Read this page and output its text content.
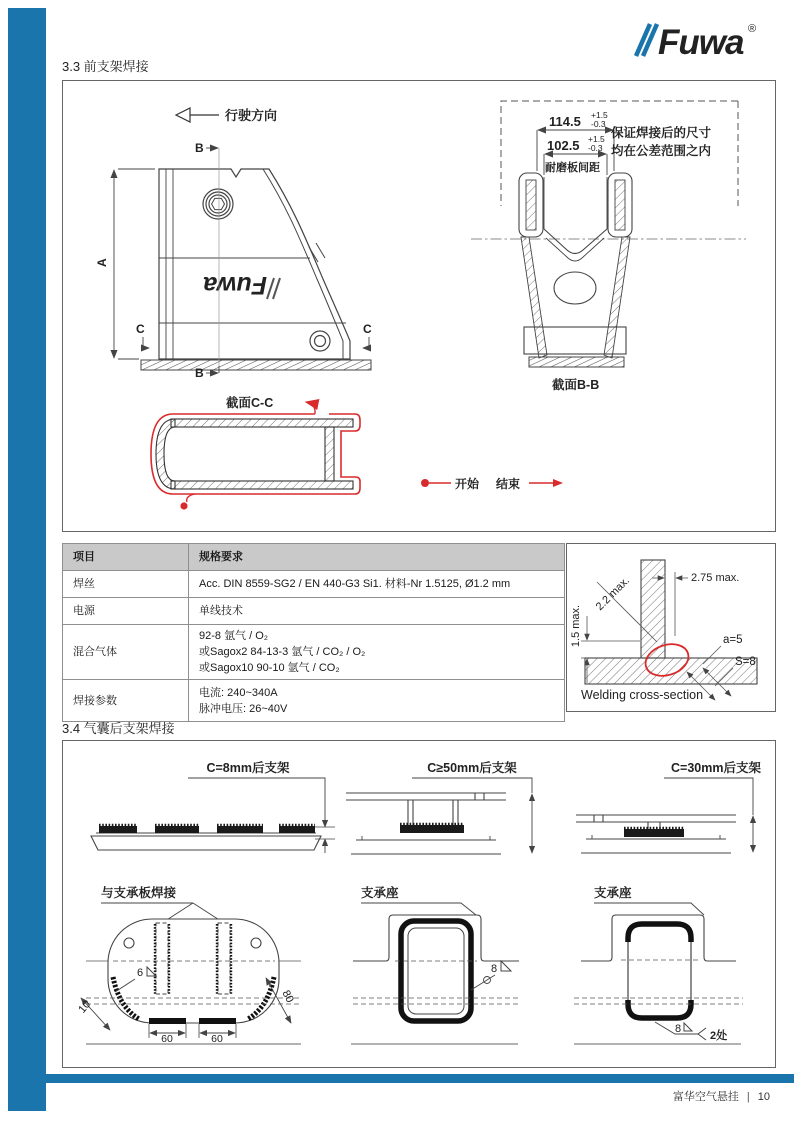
Fuwa ®
3.3 前支架焊接
行驶方向
Fuwa
A
B
B
C	C
114.5 +1.5
-0.3
102.5 +1.5
-0.3
耐磨板间距
保证焊接后的尺寸
均在公差范围之内
截面B-B
截面C-C
开始 结束
项目	规格要求
焊丝	Acc. DIN 8559-SG2 / EN 440-G3 Si1. 材料-Nr 1.5125, Ø1.2 mm

电源	单线技术

混合气体	92-8 氩气 / O₂
或Sagox2 84-13-3 氩气 / CO₂ / O₂
或Sagox10 90-10 氩气 / CO₂

焊接参数	电流: 240~340A
脉冲电压: 26~40V
2.2 max.	2.75 max.
1.5 max.	a=5
S=8
Welding cross-section
3.4 气囊后支架焊接
C=8mm后支架	C≥50mm后支架	C=30mm后支架
与支承板焊接
6
10
80
60	60
支承座
8
支承座
8
2处
富华空气悬挂 | 10
